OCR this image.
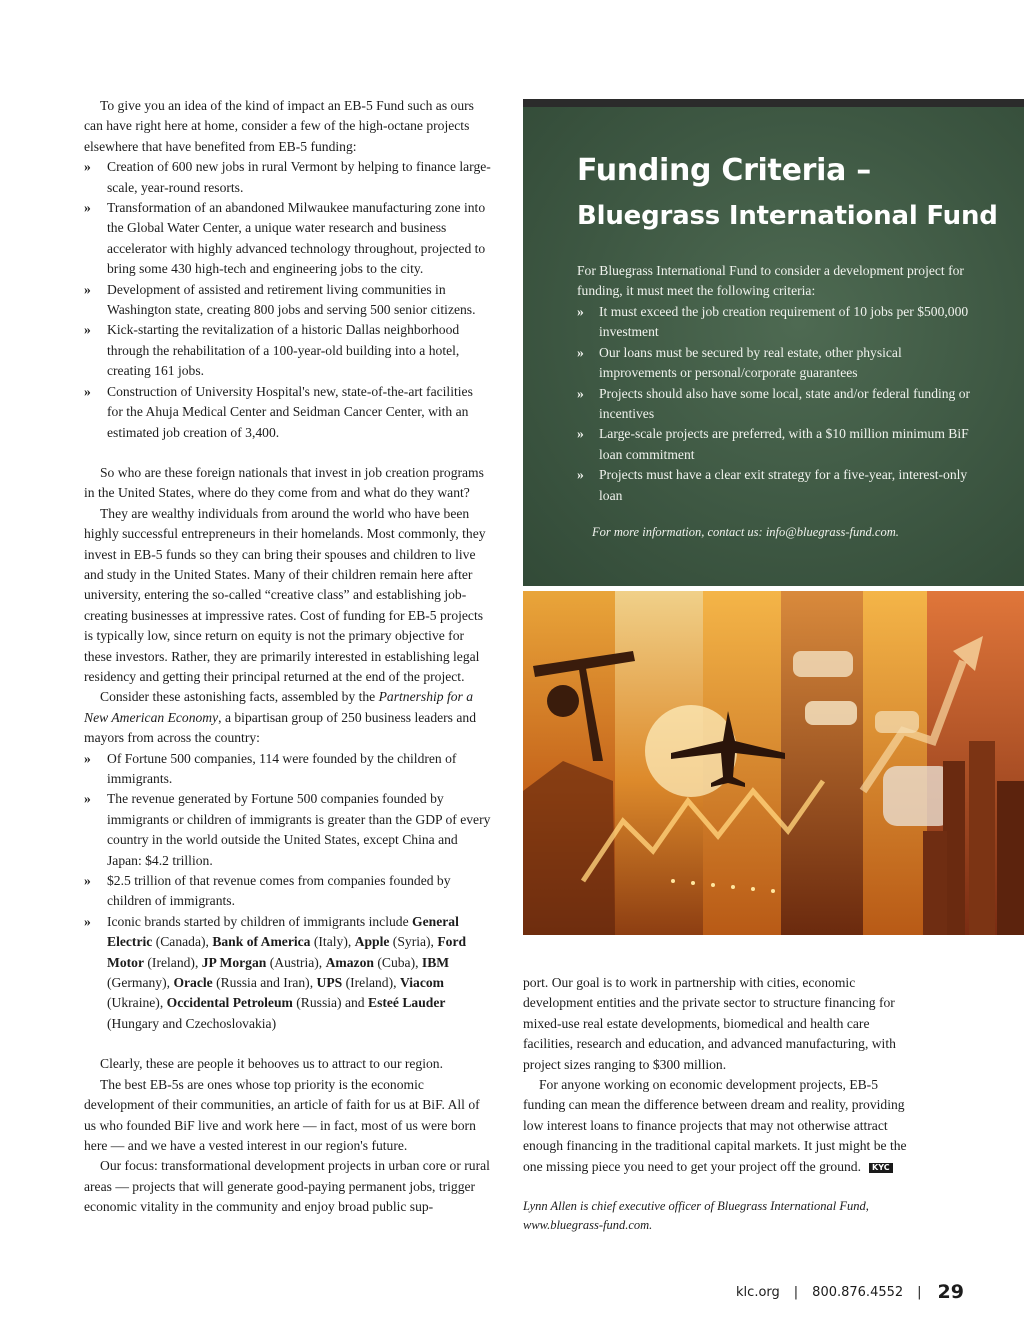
To give you an idea of the kind of impact an EB-5 Fund such as ours can have right here at home, consider a few of the high-octane projects elsewhere that have benefited from EB-5 funding:

» Creation of 600 new jobs in rural Vermont by helping to finance large-scale, year-round resorts.
» Transformation of an abandoned Milwaukee manufacturing zone into the Global Water Center, a unique water research and business accelerator with highly advanced technology throughout, projected to bring some 430 high-tech and engineering jobs to the city.
» Development of assisted and retirement living communities in Washington state, creating 800 jobs and serving 500 senior citizens.
» Kick-starting the revitalization of a historic Dallas neighborhood through the rehabilitation of a 100-year-old building into a hotel, creating 161 jobs.
» Construction of University Hospital's new, state-of-the-art facilities for the Ahuja Medical Center and Seidman Cancer Center, with an estimated job creation of 3,400.

So who are these foreign nationals that invest in job creation programs in the United States, where do they come from and what do they want?

They are wealthy individuals from around the world who have been highly successful entrepreneurs in their homelands. Most commonly, they invest in EB-5 funds so they can bring their spouses and children to live and study in the United States. Many of their children remain here after university, entering the so-called “creative class” and establishing job-creating businesses at impressive rates. Cost of funding for EB-5 projects is typically low, since return on equity is not the primary objective for these investors. Rather, they are primarily interested in establishing legal residency and getting their principal returned at the end of the project.

Consider these astonishing facts, assembled by the Partnership for a New American Economy, a bipartisan group of 250 business leaders and mayors from across the country:

» Of Fortune 500 companies, 114 were founded by the children of immigrants.
» The revenue generated by Fortune 500 companies founded by immigrants or children of immigrants is greater than the GDP of every country in the world outside the United States, except China and Japan: $4.2 trillion.
» $2.5 trillion of that revenue comes from companies founded by children of immigrants.
» Iconic brands started by children of immigrants include General Electric (Canada), Bank of America (Italy), Apple (Syria), Ford Motor (Ireland), JP Morgan (Austria), Amazon (Cuba), IBM (Germany), Oracle (Russia and Iran), UPS (Ireland), Viacom (Ukraine), Occidental Petroleum (Russia) and Esteé Lauder (Hungary and Czechoslovakia)

Clearly, these are people it behooves us to attract to our region.

The best EB-5s are ones whose top priority is the economic development of their communities, an article of faith for us at BiF. All of us who founded BiF live and work here — in fact, most of us were born here — and we have a vested interest in our region's future.

Our focus: transformational development projects in urban core or rural areas — projects that will generate good-paying permanent jobs, trigger economic vitality in the community and enjoy broad public sup-

Funding Criteria –
Bluegrass International Fund
For Bluegrass International Fund to consider a development project for funding, it must meet the following criteria:
» It must exceed the job creation requirement of 10 jobs per $500,000 investment
» Our loans must be secured by real estate, other physical improvements or personal/corporate guarantees
» Projects should also have some local, state and/or federal funding or incentives
» Large-scale projects are preferred, with a $10 million minimum BiF loan commitment
» Projects must have a clear exit strategy for a five-year, interest-only loan
For more information, contact us: info@bluegrass-fund.com.

port. Our goal is to work in partnership with cities, economic development entities and the private sector to structure financing for mixed-use real estate developments, biomedical and health care facilities, research and education, and advanced manufacturing, with project sizes ranging to $300 million.

For anyone working on economic development projects, EB-5 funding can mean the difference between dream and reality, providing low interest loans to finance projects that may not otherwise attract enough financing in the traditional capital markets. It just might be the one missing piece you need to get your project off the ground. KYC

Lynn Allen is chief executive officer of Bluegrass International Fund, www.bluegrass-fund.com.
klc.org | 800.876.4552 | 29
